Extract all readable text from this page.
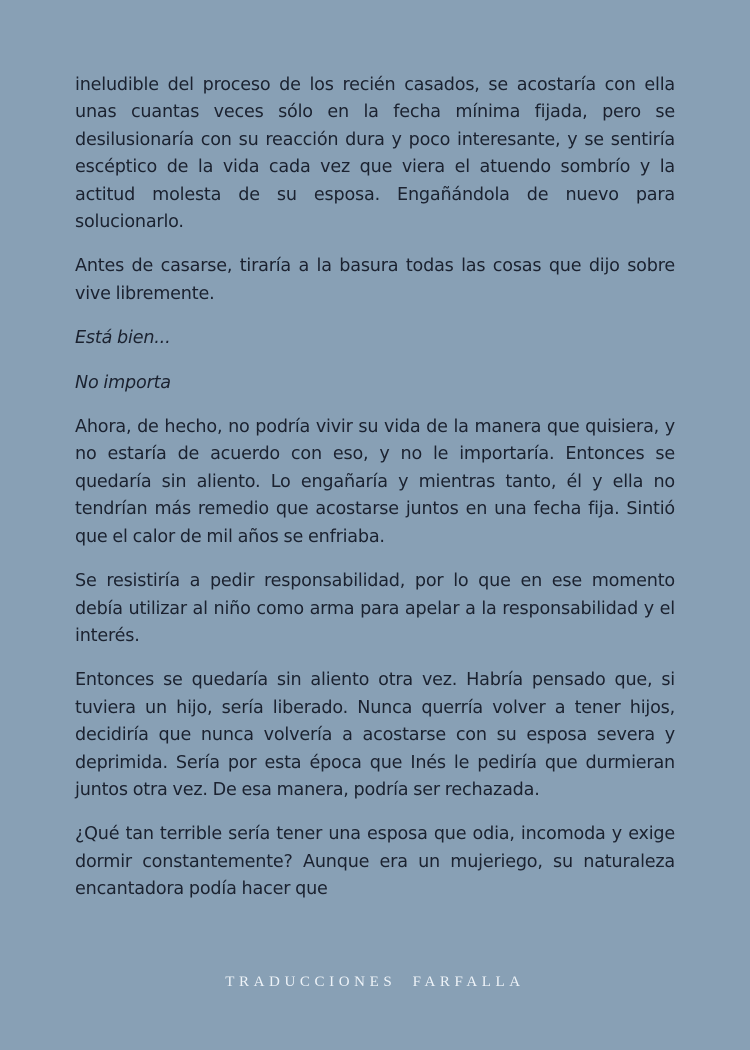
ineludible del proceso de los recién casados, se acostaría con ella unas cuantas veces sólo en la fecha mínima fijada, pero se desilusionaría con su reacción dura y poco interesante, y se sentiría escéptico de la vida cada vez que viera el atuendo sombrío y la actitud molesta de su esposa. Engañándola de nuevo para solucionarlo.

Antes de casarse, tiraría a la basura todas las cosas que dijo sobre vive libremente.

Está bien...

No importa

Ahora, de hecho, no podría vivir su vida de la manera que quisiera, y no estaría de acuerdo con eso, y no le importaría. Entonces se quedaría sin aliento. Lo engañaría y mientras tanto, él y ella no tendrían más remedio que acostarse juntos en una fecha fija. Sintió que el calor de mil años se enfriaba.

Se resistiría a pedir responsabilidad, por lo que en ese momento debía utilizar al niño como arma para apelar a la responsabilidad y el interés.

Entonces se quedaría sin aliento otra vez. Habría pensado que, si tuviera un hijo, sería liberado. Nunca querría volver a tener hijos, decidiría que nunca volvería a acostarse con su esposa severa y deprimida. Sería por esta época que Inés le pediría que durmieran juntos otra vez. De esa manera, podría ser rechazada.

¿Qué tan terrible sería tener una esposa que odia, incomoda y exige dormir constantemente? Aunque era un mujeriego, su naturaleza encantadora podía hacer que

TRADUCCIONES FARFALLA
